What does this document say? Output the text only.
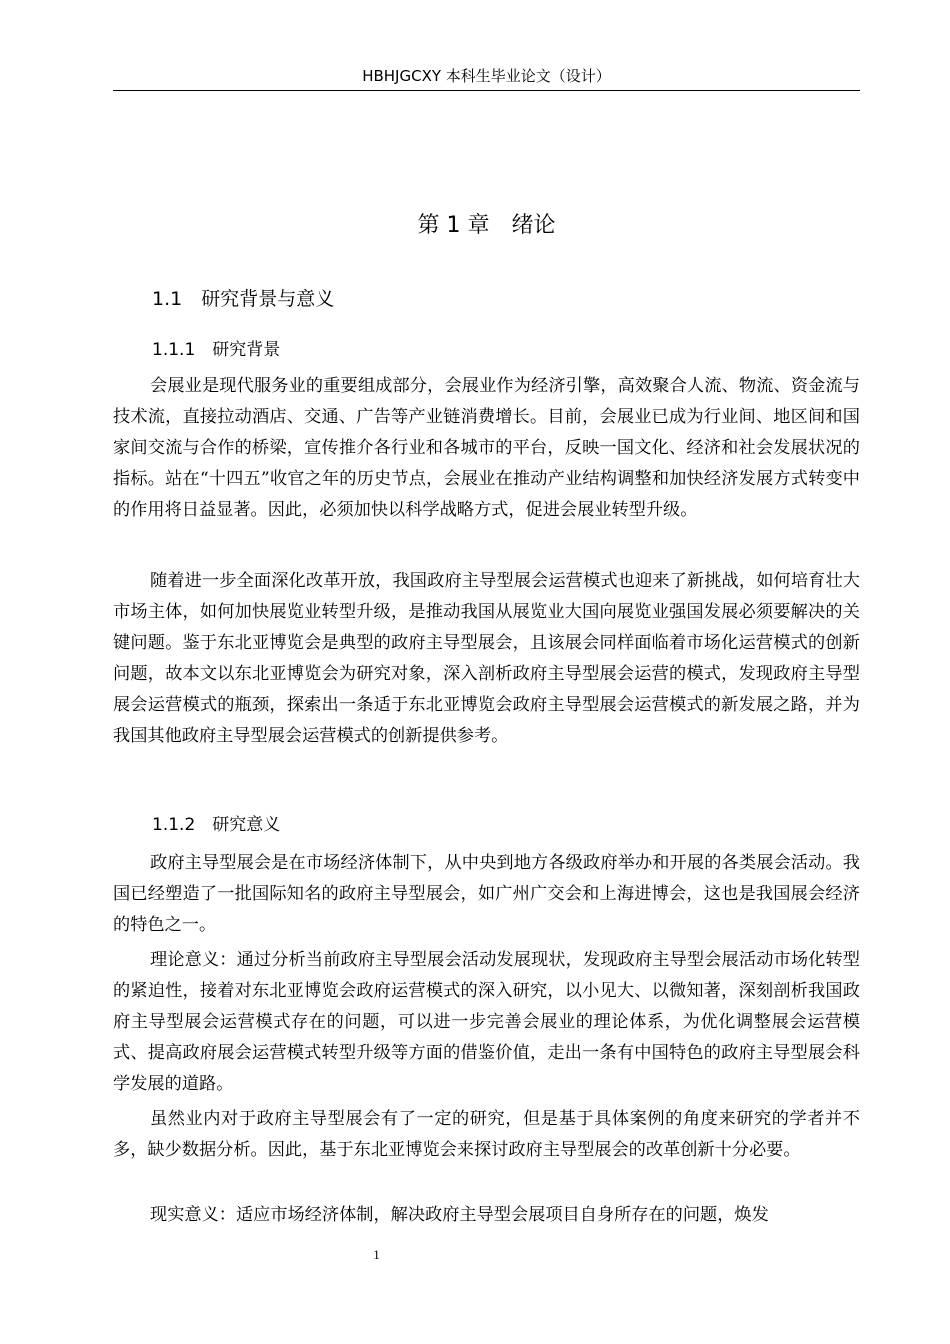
HBHJGCXY 本科生毕业论文（设计）
第 1 章　绪论
1.1　研究背景与意义
1.1.1　研究背景

会展业是现代服务业的重要组成部分，会展业作为经济引擎，高效聚合人流、物流、资金流与技术流，直接拉动酒店、交通、广告等产业链消费增长。目前，会展业已成为行业间、地区间和国家间交流与合作的桥梁，宣传推介各行业和各城市的平台，反映一国文化、经济和社会发展状况的指标。站在“十四五”收官之年的历史节点，会展业在推动产业结构调整和加快经济发展方式转变中的作用将日益显著。因此，必须加快以科学战略方式，促进会展业转型升级。

随着进一步全面深化改革开放，我国政府主导型展会运营模式也迎来了新挑战，如何培育壮大市场主体，如何加快展览业转型升级，是推动我国从展览业大国向展览业强国发展必须要解决的关键问题。鉴于东北亚博览会是典型的政府主导型展会，且该展会同样面临着市场化运营模式的创新问题，故本文以东北亚博览会为研究对象，深入剖析政府主导型展会运营的模式，发现政府主导型展会运营模式的瓶颈，探索出一条适于东北亚博览会政府主导型展会运营模式的新发展之路，并为我国其他政府主导型展会运营模式的创新提供参考。

1.1.2　研究意义

政府主导型展会是在市场经济体制下，从中央到地方各级政府举办和开展的各类展会活动。我国已经塑造了一批国际知名的政府主导型展会，如广州广交会和上海进博会，这也是我国展会经济的特色之一。

理论意义：通过分析当前政府主导型展会活动发展现状，发现政府主导型会展活动市场化转型的紧迫性，接着对东北亚博览会政府运营模式的深入研究，以小见大、以微知著，深刻剖析我国政府主导型展会运营模式存在的问题，可以进一步完善会展业的理论体系，为优化调整展会运营模式、提高政府展会运营模式转型升级等方面的借鉴价值，走出一条有中国特色的政府主导型展会科学发展的道路。

虽然业内对于政府主导型展会有了一定的研究，但是基于具体案例的角度来研究的学者并不多，缺少数据分析。因此，基于东北亚博览会来探讨政府主导型展会的改革创新十分必要。

现实意义：适应市场经济体制，解决政府主导型会展项目自身所存在的问题，焕发

1
